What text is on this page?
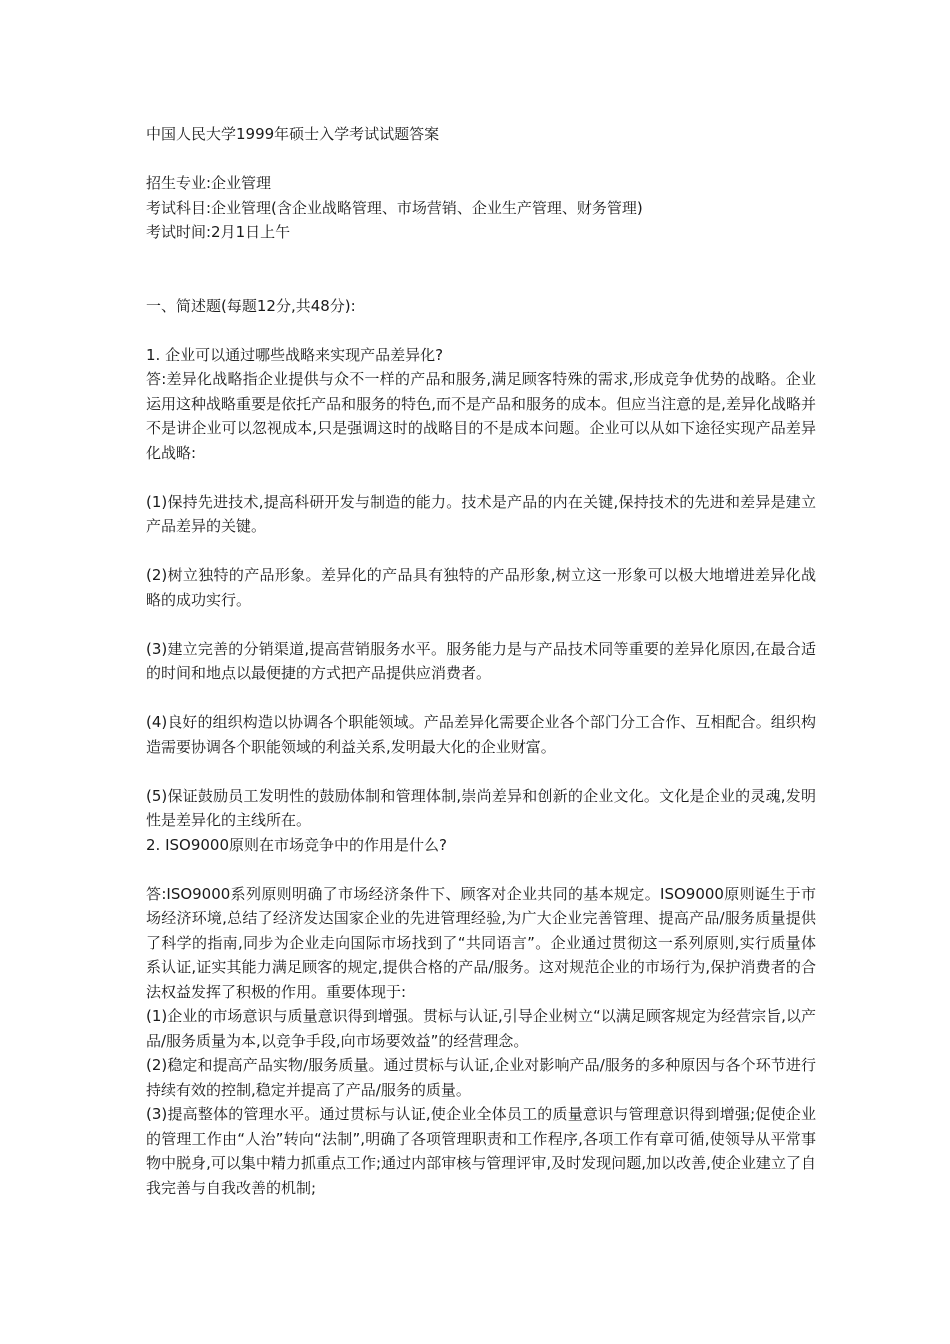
中国人民大学1999年硕士入学考试试题答案

招生专业:企业管理

考试科目:企业管理(含企业战略管理、市场营销、企业生产管理、财务管理)

考试时间:2月1日上午

一、简述题(每题12分,共48分):

1. 企业可以通过哪些战略来实现产品差异化?

答:差异化战略指企业提供与众不一样的产品和服务,满足顾客特殊的需求,形成竞争优势的战略。企业运用这种战略重要是依托产品和服务的特色,而不是产品和服务的成本。但应当注意的是,差异化战略并不是讲企业可以忽视成本,只是强调这时的战略目的不是成本问题。企业可以从如下途径实现产品差异化战略:

(1)保持先进技术,提高科研开发与制造的能力。技术是产品的内在关键,保持技术的先进和差异是建立产品差异的关键。

(2)树立独特的产品形象。差异化的产品具有独特的产品形象,树立这一形象可以极大地增进差异化战略的成功实行。

(3)建立完善的分销渠道,提高营销服务水平。服务能力是与产品技术同等重要的差异化原因,在最合适的时间和地点以最便捷的方式把产品提供应消费者。

(4)良好的组织构造以协调各个职能领域。产品差异化需要企业各个部门分工合作、互相配合。组织构造需要协调各个职能领域的利益关系,发明最大化的企业财富。

(5)保证鼓励员工发明性的鼓励体制和管理体制,崇尚差异和创新的企业文化。文化是企业的灵魂,发明性是差异化的主线所在。

2. ISO9000原则在市场竞争中的作用是什么?

答:ISO9000系列原则明确了市场经济条件下、顾客对企业共同的基本规定。ISO9000原则诞生于市场经济环境,总结了经济发达国家企业的先进管理经验,为广大企业完善管理、提高产品/服务质量提供了科学的指南,同步为企业走向国际市场找到了“共同语言”。企业通过贯彻这一系列原则,实行质量体系认证,证实其能力满足顾客的规定,提供合格的产品/服务。这对规范企业的市场行为,保护消费者的合法权益发挥了积极的作用。重要体现于:

(1)企业的市场意识与质量意识得到增强。贯标与认证,引导企业树立“以满足顾客规定为经营宗旨,以产品/服务质量为本,以竞争手段,向市场要效益”的经营理念。

(2)稳定和提高产品实物/服务质量。通过贯标与认证,企业对影响产品/服务的多种原因与各个环节进行持续有效的控制,稳定并提高了产品/服务的质量。

(3)提高整体的管理水平。通过贯标与认证,使企业全体员工的质量意识与管理意识得到增强;促使企业的管理工作由“人治”转向“法制”,明确了各项管理职责和工作程序,各项工作有章可循,使领导从平常事物中脱身,可以集中精力抓重点工作;通过内部审核与管理评审,及时发现问题,加以改善,使企业建立了自我完善与自我改善的机制;
